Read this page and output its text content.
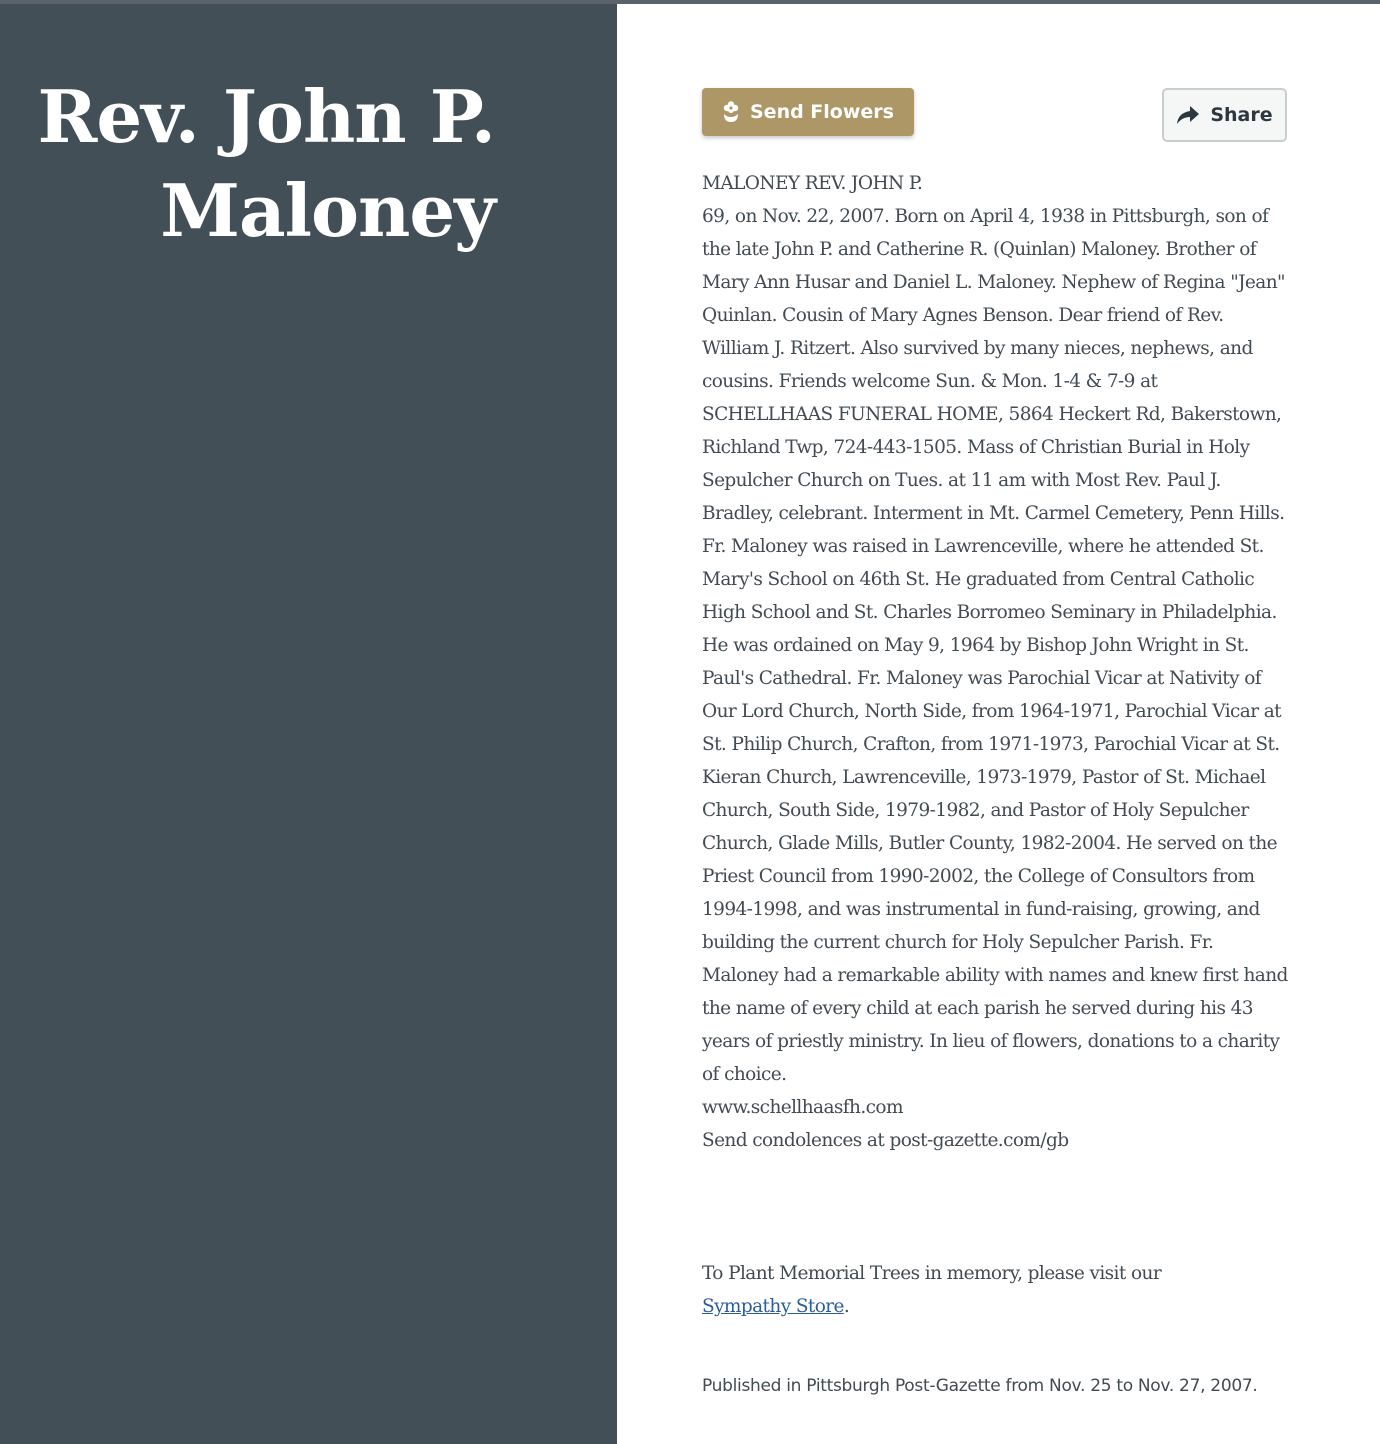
Rev. John P.
Maloney
Send Flowers	Share

MALONEY REV. JOHN P.

69, on Nov. 22, 2007. Born on April 4, 1938 in Pittsburgh, son of the late John P. and Catherine R. (Quinlan) Maloney. Brother of Mary Ann Husar and Daniel L. Maloney. Nephew of Regina "Jean" Quinlan. Cousin of Mary Agnes Benson. Dear friend of Rev. William J. Ritzert. Also survived by many nieces, nephews, and cousins. Friends welcome Sun. & Mon. 1-4 & 7-9 at SCHELLHAAS FUNERAL HOME, 5864 Heckert Rd, Bakerstown, Richland Twp, 724-443-1505. Mass of Christian Burial in Holy Sepulcher Church on Tues. at 11 am with Most Rev. Paul J. Bradley, celebrant. Interment in Mt. Carmel Cemetery, Penn Hills. Fr. Maloney was raised in Lawrenceville, where he attended St. Mary's School on 46th St. He graduated from Central Catholic High School and St. Charles Borromeo Seminary in Philadelphia. He was ordained on May 9, 1964 by Bishop John Wright in St. Paul's Cathedral. Fr. Maloney was Parochial Vicar at Nativity of Our Lord Church, North Side, from 1964-1971, Parochial Vicar at St. Philip Church, Crafton, from 1971-1973, Parochial Vicar at St. Kieran Church, Lawrenceville, 1973-1979, Pastor of St. Michael Church, South Side, 1979-1982, and Pastor of Holy Sepulcher Church, Glade Mills, Butler County, 1982-2004. He served on the Priest Council from 1990-2002, the College of Consultors from 1994-1998, and was instrumental in fund-raising, growing, and building the current church for Holy Sepulcher Parish. Fr. Maloney had a remarkable ability with names and knew first hand the name of every child at each parish he served during his 43 years of priestly ministry. In lieu of flowers, donations to a charity of choice.

www.schellhaasfh.com

Send condolences at post-gazette.com/gb

To Plant Memorial Trees in memory, please visit our
Sympathy Store.

Published in Pittsburgh Post-Gazette from Nov. 25 to Nov. 27, 2007.
